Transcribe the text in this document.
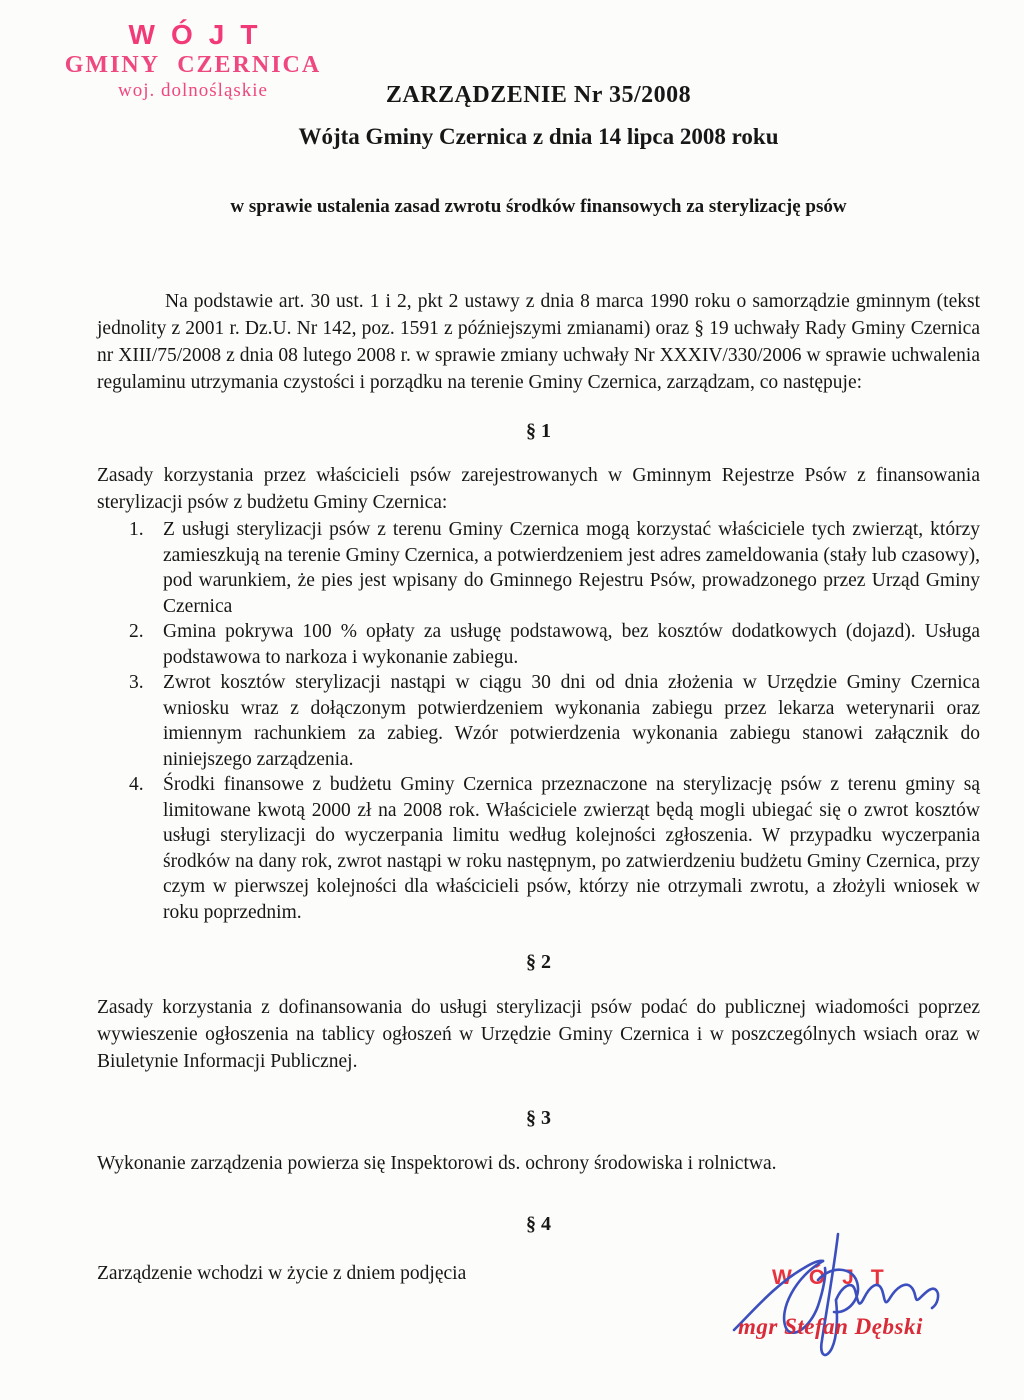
WÓJT
GMINY CZERNICA
woj. dolnośląskie	ZARZĄDZENIE Nr 35/2008
Wójta Gminy Czernica z dnia 14 lipca 2008 roku
w sprawie ustalenia zasad zwrotu środków finansowych za sterylizację psów

Na podstawie art. 30 ust. 1 i 2, pkt 2 ustawy z dnia 8 marca 1990 roku o samorządzie gminnym (tekst jednolity z 2001 r. Dz.U. Nr 142, poz. 1591 z późniejszymi zmianami) oraz § 19 uchwały Rady Gminy Czernica nr XIII/75/2008 z dnia 08 lutego 2008 r. w sprawie zmiany uchwały Nr XXXIV/330/2006 w sprawie uchwalenia regulaminu utrzymania czystości i porządku na terenie Gminy Czernica, zarządzam, co następuje:

§ 1

Zasady korzystania przez właścicieli psów zarejestrowanych w Gminnym Rejestrze Psów z finansowania sterylizacji psów z budżetu Gminy Czernica:

1. Z usługi sterylizacji psów z terenu Gminy Czernica mogą korzystać właściciele tych zwierząt, którzy zamieszkują na terenie Gminy Czernica, a potwierdzeniem jest adres zameldowania (stały lub czasowy), pod warunkiem, że pies jest wpisany do Gminnego Rejestru Psów, prowadzonego przez Urząd Gminy Czernica
2. Gmina pokrywa 100 % opłaty za usługę podstawową, bez kosztów dodatkowych (dojazd). Usługa podstawowa to narkoza i wykonanie zabiegu.
3. Zwrot kosztów sterylizacji nastąpi w ciągu 30 dni od dnia złożenia w Urzędzie Gminy Czernica wniosku wraz z dołączonym potwierdzeniem wykonania zabiegu przez lekarza weterynarii oraz imiennym rachunkiem za zabieg. Wzór potwierdzenia wykonania zabiegu stanowi załącznik do niniejszego zarządzenia.
4. Środki finansowe z budżetu Gminy Czernica przeznaczone na sterylizację psów z terenu gminy są limitowane kwotą 2000 zł na 2008 rok. Właściciele zwierząt będą mogli ubiegać się o zwrot kosztów usługi sterylizacji do wyczerpania limitu według kolejności zgłoszenia. W przypadku wyczerpania środków na dany rok, zwrot nastąpi w roku następnym, po zatwierdzeniu budżetu Gminy Czernica, przy czym w pierwszej kolejności dla właścicieli psów, którzy nie otrzymali zwrotu, a złożyli wniosek w roku poprzednim.
§ 2

Zasady korzystania z dofinansowania do usługi sterylizacji psów podać do publicznej wiadomości poprzez wywieszenie ogłoszenia na tablicy ogłoszeń w Urzędzie Gminy Czernica i w poszczególnych wsiach oraz w Biuletynie Informacji Publicznej.

§ 3

Wykonanie zarządzenia powierza się Inspektorowi ds. ochrony środowiska i rolnictwa.

§ 4

Zarządzenie wchodzi w życie z dniem podjęcia	WÓJT
mgr Stefan Dębski
